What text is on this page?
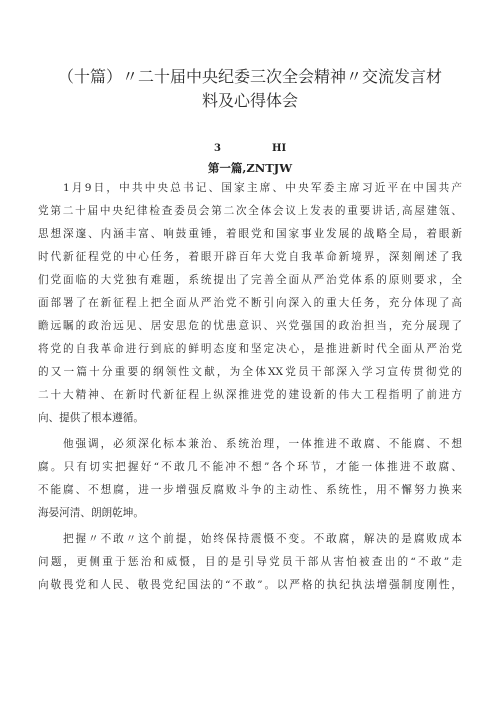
（十篇）〃二十届中央纪委三次全会精神〃交流发言材
料及心得体会
3	HI
第一篇,ZNTJW
1月9日，中共中央总书记、国家主席、中央军委主席习近平在中国共产
党第二十届中央纪律检查委员会第二次全体会议上发表的重要讲话,高屋建瓴、
思想深邃、内涵丰富、响鼓重锤，着眼党和国家事业发展的战略全局，着眼新
时代新征程党的中心任务，着眼开辟百年大党自我革命新境界，深刻阐述了我
们党面临的大党独有难题，系统提出了完善全面从严治党体系的原则要求，全
面部署了在新征程上把全面从严治党不断引向深入的重大任务，充分体现了高
瞻远瞩的政治远见、居安思危的忧患意识、兴党强国的政治担当，充分展现了
将党的自我革命进行到底的鲜明态度和坚定决心，是推进新时代全面从严治党
的又一篇十分重要的纲领性文献，为全体XX党员干部深入学习宣传贯彻党的
二十大精神、在新时代新征程上纵深推进党的建设新的伟大工程指明了前进方
向、提供了根本遵循。
他强调，必须深化标本兼治、系统治理，一体推进不敢腐、不能腐、不想
腐。只有切实把握好“不敢几不能冲不想”各个环节，才能一体推进不敢腐、
不能腐、不想腐，进一步增强反腐败斗争的主动性、系统性，用不懈努力换来
海晏河清、朗朗乾坤。
把握〃不敢〃这个前提，始终保持震慑不变。不敢腐，解决的是腐败成本
问题，更侧重于惩治和威慑，目的是引导党员干部从害怕被查出的“不敢”走
向敬畏党和人民、敬畏党纪国法的“不敢”。以严格的执纪执法增强制度刚性，
